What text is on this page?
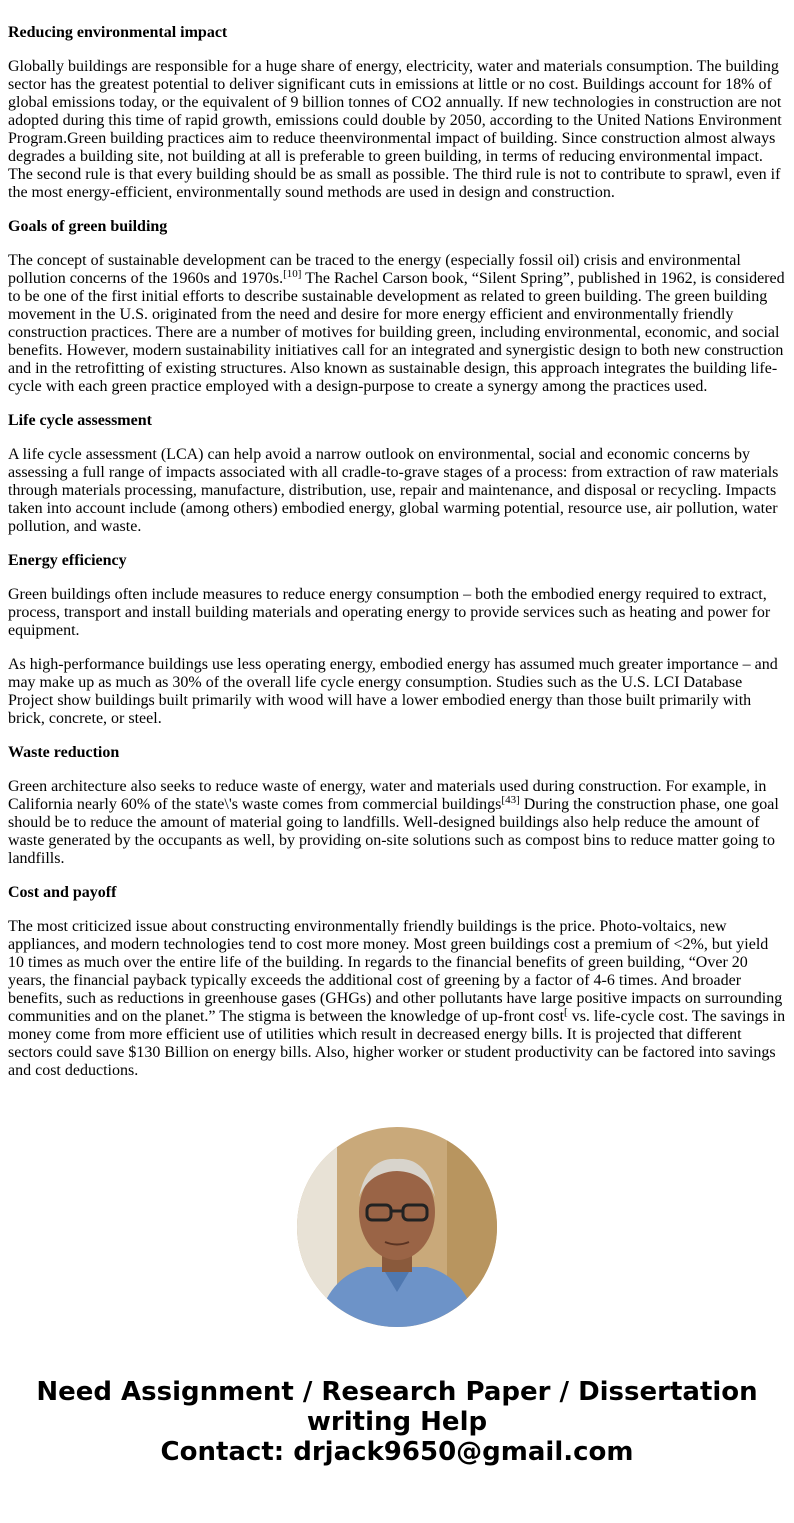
Reducing environmental impact

Globally buildings are responsible for a huge share of energy, electricity, water and materials consumption. The building sector has the greatest potential to deliver significant cuts in emissions at little or no cost. Buildings account for 18% of global emissions today, or the equivalent of 9 billion tonnes of CO2 annually. If new technologies in construction are not adopted during this time of rapid growth, emissions could double by 2050, according to the United Nations Environment Program.Green building practices aim to reduce theenvironmental impact of building. Since construction almost always degrades a building site, not building at all is preferable to green building, in terms of reducing environmental impact. The second rule is that every building should be as small as possible. The third rule is not to contribute to sprawl, even if the most energy-efficient, environmentally sound methods are used in design and construction.

Goals of green building

The concept of sustainable development can be traced to the energy (especially fossil oil) crisis and environmental pollution concerns of the 1960s and 1970s.[10] The Rachel Carson book, “Silent Spring”, published in 1962, is considered to be one of the first initial efforts to describe sustainable development as related to green building. The green building movement in the U.S. originated from the need and desire for more energy efficient and environmentally friendly construction practices. There are a number of motives for building green, including environmental, economic, and social benefits. However, modern sustainability initiatives call for an integrated and synergistic design to both new construction and in the retrofitting of existing structures. Also known as sustainable design, this approach integrates the building life-cycle with each green practice employed with a design-purpose to create a synergy among the practices used.

Life cycle assessment

A life cycle assessment (LCA) can help avoid a narrow outlook on environmental, social and economic concerns by assessing a full range of impacts associated with all cradle-to-grave stages of a process: from extraction of raw materials through materials processing, manufacture, distribution, use, repair and maintenance, and disposal or recycling. Impacts taken into account include (among others) embodied energy, global warming potential, resource use, air pollution, water pollution, and waste.

Energy efficiency

Green buildings often include measures to reduce energy consumption – both the embodied energy required to extract, process, transport and install building materials and operating energy to provide services such as heating and power for equipment.

As high-performance buildings use less operating energy, embodied energy has assumed much greater importance – and may make up as much as 30% of the overall life cycle energy consumption. Studies such as the U.S. LCI Database Project show buildings built primarily with wood will have a lower embodied energy than those built primarily with brick, concrete, or steel.

Waste reduction

Green architecture also seeks to reduce waste of energy, water and materials used during construction. For example, in California nearly 60% of the state\'s waste comes from commercial buildings[43] During the construction phase, one goal should be to reduce the amount of material going to landfills. Well-designed buildings also help reduce the amount of waste generated by the occupants as well, by providing on-site solutions such as compost bins to reduce matter going to landfills.

Cost and payoff

The most criticized issue about constructing environmentally friendly buildings is the price. Photo-voltaics, new appliances, and modern technologies tend to cost more money. Most green buildings cost a premium of <2%, but yield 10 times as much over the entire life of the building. In regards to the financial benefits of green building, “Over 20 years, the financial payback typically exceeds the additional cost of greening by a factor of 4-6 times. And broader benefits, such as reductions in greenhouse gases (GHGs) and other pollutants have large positive impacts on surrounding communities and on the planet.” The stigma is between the knowledge of up-front cost[ vs. life-cycle cost. The savings in money come from more efficient use of utilities which result in decreased energy bills. It is projected that different sectors could save $130 Billion on energy bills. Also, higher worker or student productivity can be factored into savings and cost deductions.

Need Assignment / Research Paper / Dissertation writing Help
Contact: drjack9650@gmail.com
